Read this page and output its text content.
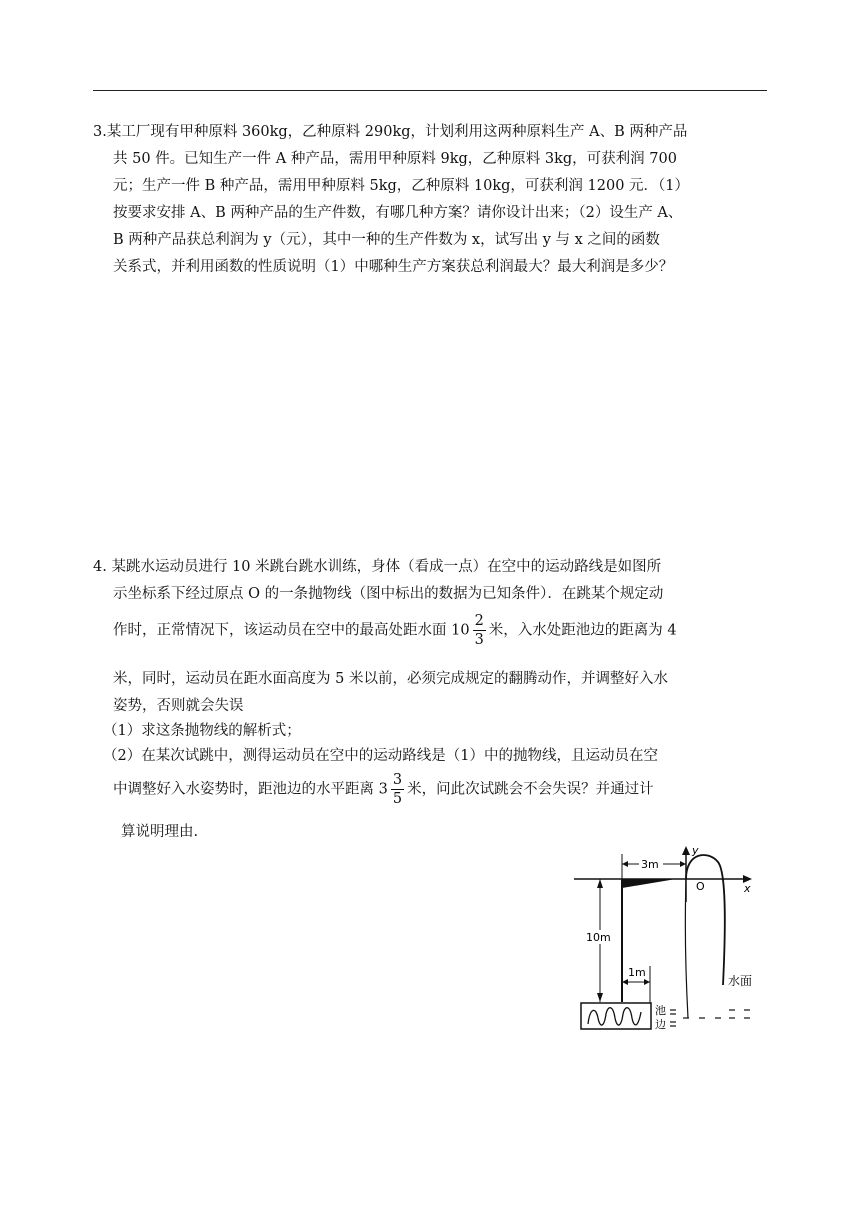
3.某工厂现有甲种原料 360kg，乙种原料 290kg，计划利用这两种原料生产 A、B 两种产品
共 50 件。已知生产一件 A 种产品，需用甲种原料 9kg，乙种原料 3kg，可获利润 700
元；生产一件 B 种产品，需用甲种原料 5kg，乙种原料 10kg，可获利润 1200 元．（1）
按要求安排 A、B 两种产品的生产件数，有哪几种方案？请你设计出来；（2）设生产 A、
B 两种产品获总利润为 y（元），其中一种的生产件数为 x，试写出 y 与 x 之间的函数
关系式，并利用函数的性质说明（1）中哪种生产方案获总利润最大？最大利润是多少？
4. 某跳水运动员进行 10 米跳台跳水训练，身体（看成一点）在空中的运动路线是如图所
示坐标系下经过原点 O 的一条抛物线（图中标出的数据为已知条件）．在跳某个规定动
作时，正常情况下，该运动员在空中的最高处距水面 $10 \frac{2}{3}$ 米，入水处距池边的距离为 4
米，同时，运动员在距水面高度为 5 米以前，必须完成规定的翻腾动作，并调整好入水
姿势，否则就会失误
（1）求这条抛物线的解析式；
（2）在某次试跳中，测得运动员在空中的运动路线是（1）中的抛物线，且运动员在空
中调整好入水姿势时，距池边的水平距离 $3 \frac{3}{5}$ 米，问此次试跳会不会失误？并通过计
算说明理由.
x
y
O
3m
10m
1m
水面
池
边
